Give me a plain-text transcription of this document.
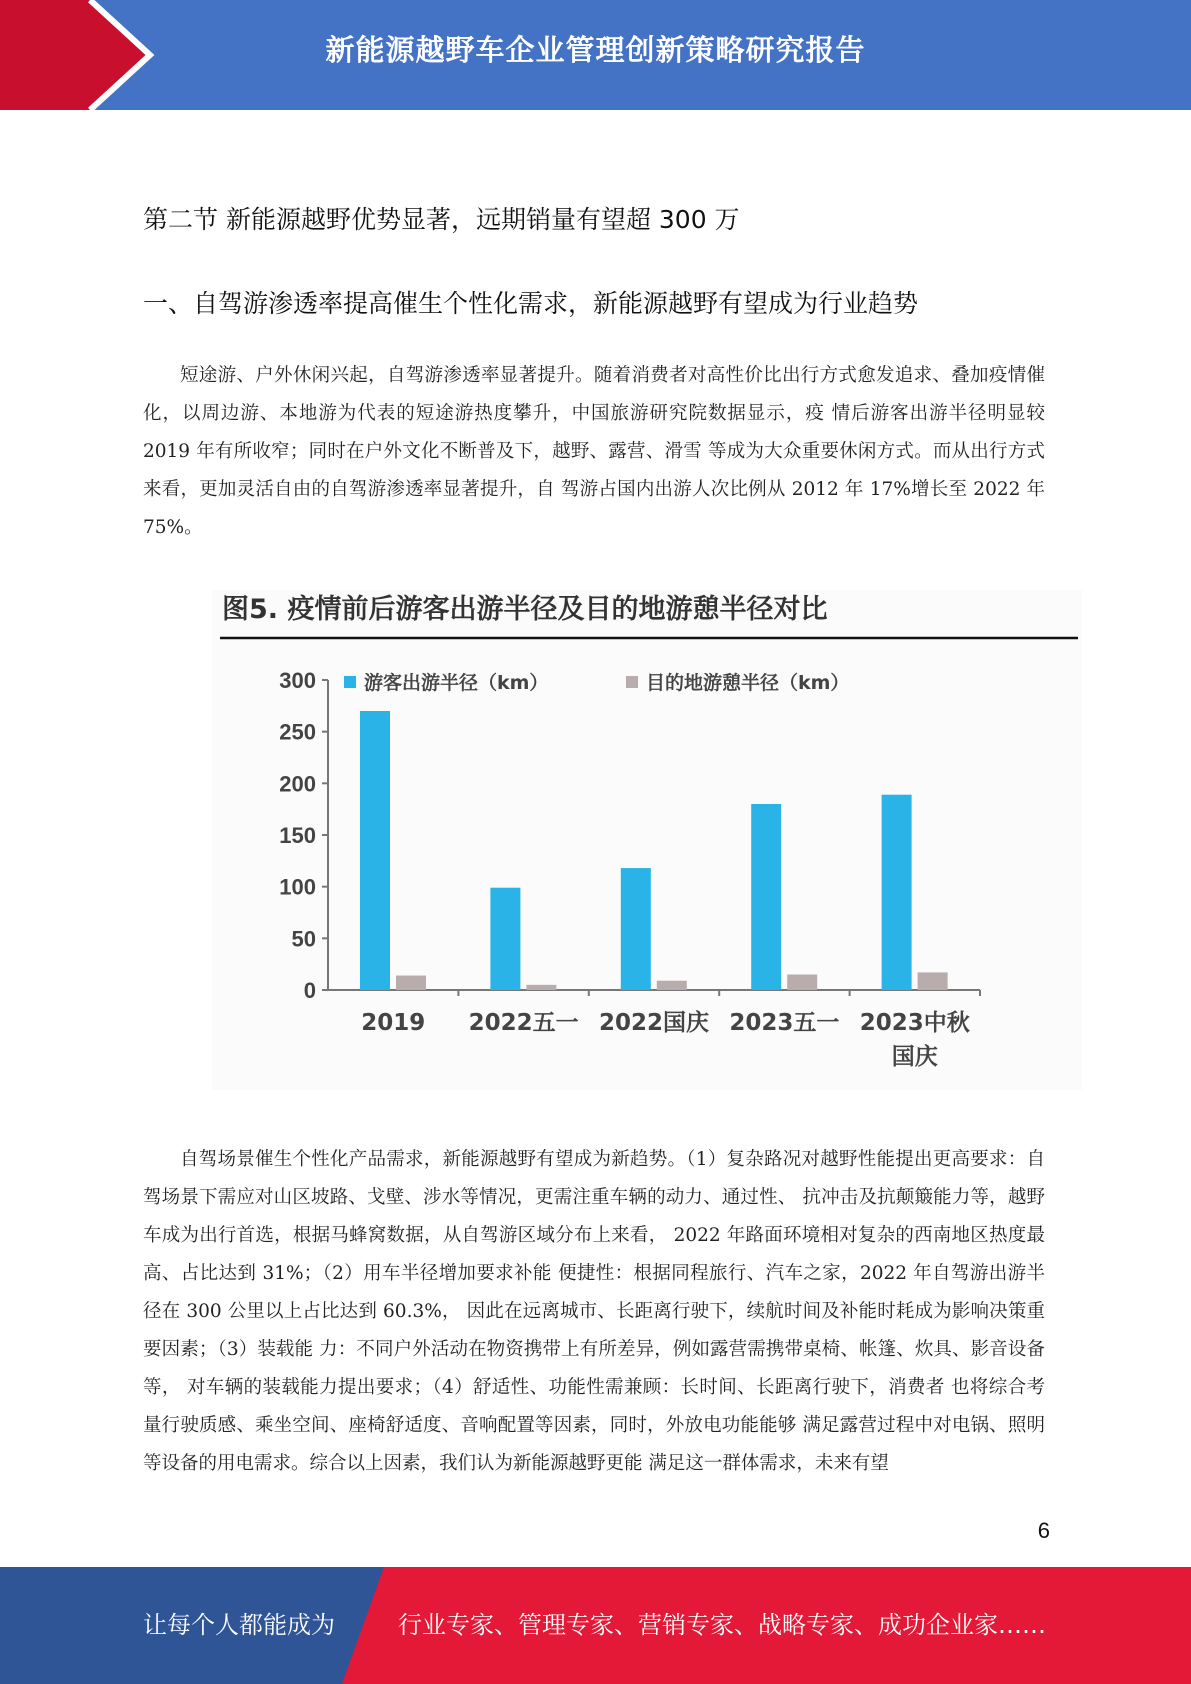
新能源越野车企业管理创新策略研究报告
第二节 新能源越野优势显著，远期销量有望超 300 万
一、自驾游渗透率提高催生个性化需求，新能源越野有望成为行业趋势

短途游、户外休闲兴起，自驾游渗透率显著提升。随着消费者对高性价比出行方式愈发追求、叠加疫情催化，以周边游、本地游为代表的短途游热度攀升，中国旅游研究院数据显示，疫 情后游客出游半径明显较 2019 年有所收窄；同时在户外文化不断普及下，越野、露营、滑雪 等成为大众重要休闲方式。而从出行方式来看，更加灵活自由的自驾游渗透率显著提升，自 驾游占国内出游人次比例从 2012 年 17%增长至 2022 年 75%。

图5. 疫情前后游客出游半径及目的地游憩半径对比
300
250
200
150
100
50
0
2019 2022五一 2022国庆 2023五一 2023中秋
国庆
游客出游半径（km）	目的地游憩半径（km）

自驾场景催生个性化产品需求，新能源越野有望成为新趋势。（1）复杂路况对越野性能提出更高要求：自驾场景下需应对山区坡路、戈壁、涉水等情况，更需注重车辆的动力、通过性、 抗冲击及抗颠簸能力等，越野车成为出行首选，根据马蜂窝数据，从自驾游区域分布上来看， 2022 年路面环境相对复杂的西南地区热度最高、占比达到 31%；（2）用车半径增加要求补能 便捷性：根据同程旅行、汽车之家，2022 年自驾游出游半径在 300 公里以上占比达到 60.3%， 因此在远离城市、长距离行驶下，续航时间及补能时耗成为影响决策重要因素；（3）装载能 力：不同户外活动在物资携带上有所差异，例如露营需携带桌椅、帐篷、炊具、影音设备等， 对车辆的装载能力提出要求；（4）舒适性、功能性需兼顾：长时间、长距离行驶下，消费者 也将综合考量行驶质感、乘坐空间、座椅舒适度、音响配置等因素，同时，外放电功能能够 满足露营过程中对电锅、照明等设备的用电需求。综合以上因素，我们认为新能源越野更能 满足这一群体需求，未来有望

6
让每个人都能成为	行业专家、管理专家、营销专家、战略专家、成功企业家……
